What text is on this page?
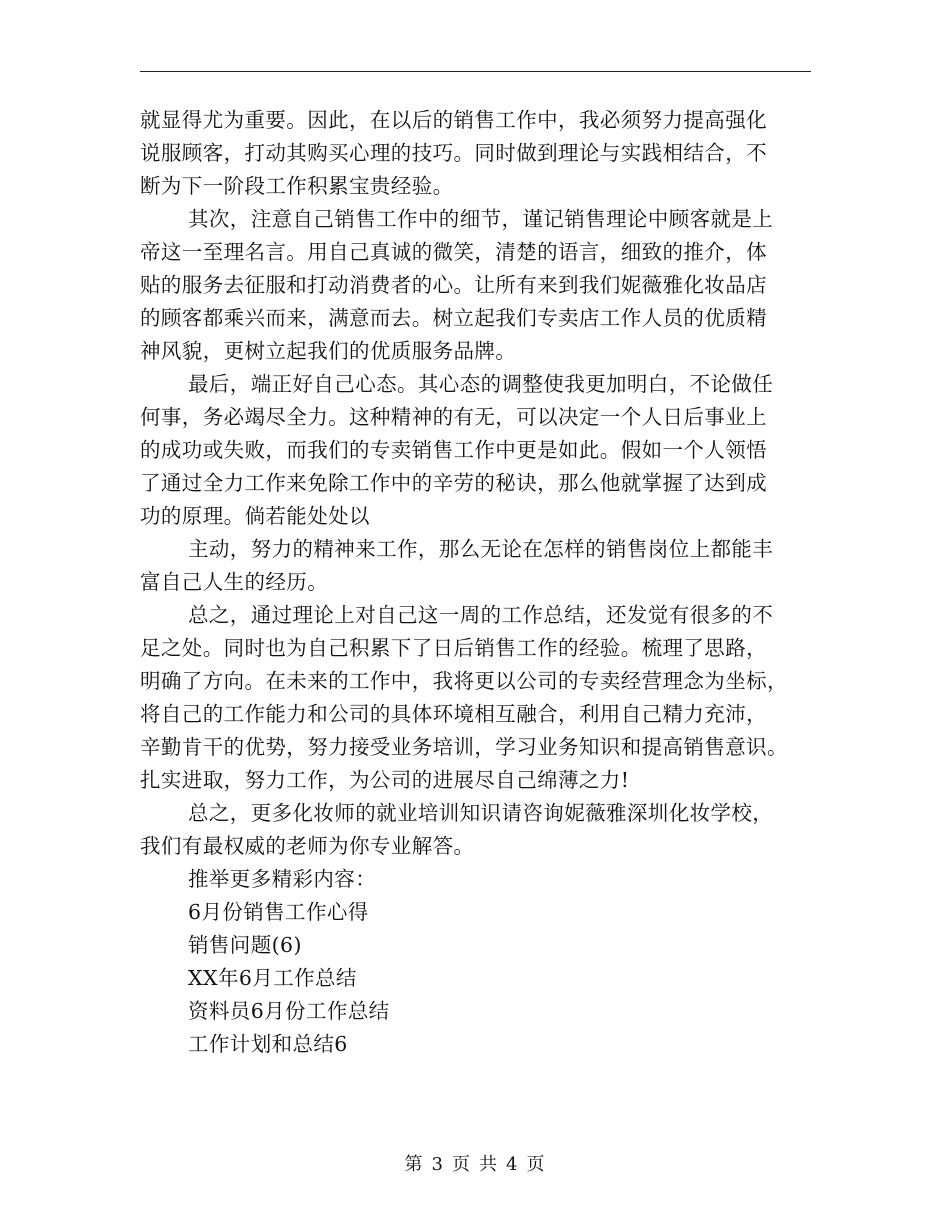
就显得尤为重要。因此，在以后的销售工作中，我必须努力提高强化
说服顾客，打动其购买心理的技巧。同时做到理论与实践相结合，不
断为下一阶段工作积累宝贵经验。
其次，注意自己销售工作中的细节，谨记销售理论中顾客就是上
帝这一至理名言。用自己真诚的微笑，清楚的语言，细致的推介，体
贴的服务去征服和打动消费者的心。让所有来到我们妮薇雅化妆品店
的顾客都乘兴而来，满意而去。树立起我们专卖店工作人员的优质精
神风貌，更树立起我们的优质服务品牌。
最后，端正好自己心态。其心态的调整使我更加明白，不论做任
何事，务必竭尽全力。这种精神的有无，可以决定一个人日后事业上
的成功或失败，而我们的专卖销售工作中更是如此。假如一个人领悟
了通过全力工作来免除工作中的辛劳的秘诀，那么他就掌握了达到成
功的原理。倘若能处处以
主动，努力的精神来工作，那么无论在怎样的销售岗位上都能丰
富自己人生的经历。
总之，通过理论上对自己这一周的工作总结，还发觉有很多的不
足之处。同时也为自己积累下了日后销售工作的经验。梳理了思路，
明确了方向。在未来的工作中，我将更以公司的专卖经营理念为坐标，
将自己的工作能力和公司的具体环境相互融合，利用自己精力充沛，
辛勤肯干的优势，努力接受业务培训，学习业务知识和提高销售意识。
扎实进取，努力工作，为公司的进展尽自己绵薄之力!
总之，更多化妆师的就业培训知识请咨询妮薇雅深圳化妆学校，
我们有最权威的老师为你专业解答。
推举更多精彩内容：
6月份销售工作心得
销售问题(6)
XX年6月工作总结
资料员6月份工作总结
工作计划和总结6
第 3 页 共 4 页
